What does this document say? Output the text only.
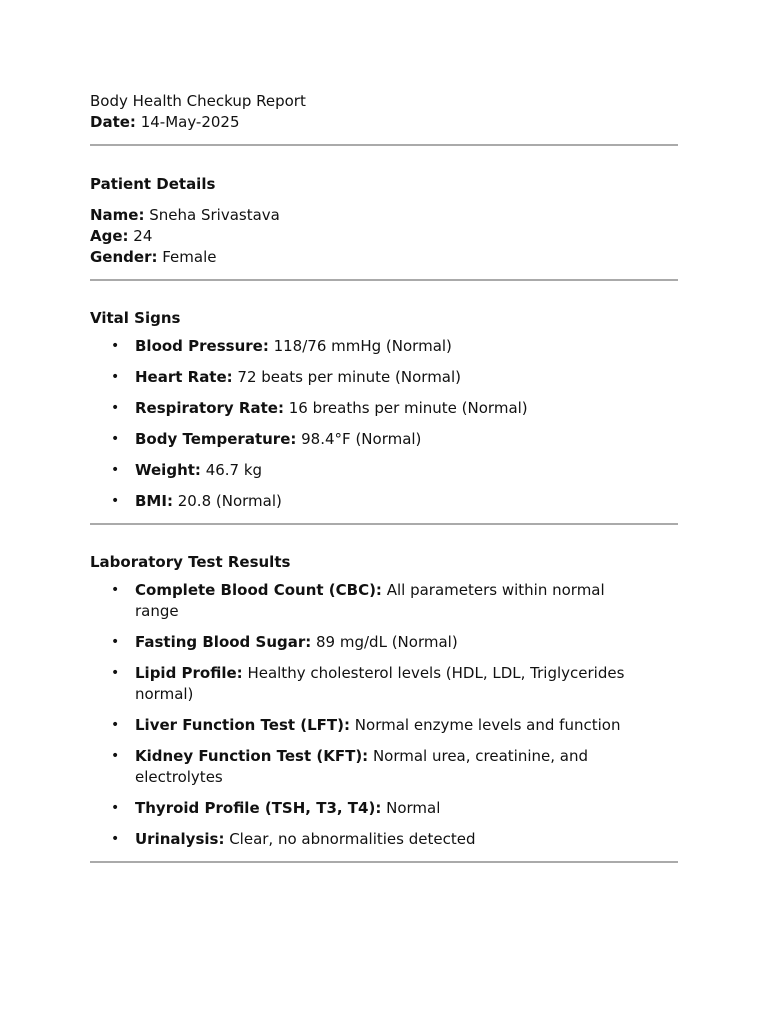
Body Health Checkup Report

Date: 14-May-2025

Patient Details

Name: Sneha Srivastava

Age: 24

Gender: Female

Vital Signs

• Blood Pressure: 118/76 mmHg (Normal)
• Heart Rate: 72 beats per minute (Normal)
• Respiratory Rate: 16 breaths per minute (Normal)
• Body Temperature: 98.4°F (Normal)
• Weight: 46.7 kg
• BMI: 20.8 (Normal)

Laboratory Test Results

• Complete Blood Count (CBC): All parameters within normal range
• Fasting Blood Sugar: 89 mg/dL (Normal)
• Lipid Profile: Healthy cholesterol levels (HDL, LDL, Triglycerides normal)
• Liver Function Test (LFT): Normal enzyme levels and function
• Kidney Function Test (KFT): Normal urea, creatinine, and electrolytes
• Thyroid Profile (TSH, T3, T4): Normal
• Urinalysis: Clear, no abnormalities detected
